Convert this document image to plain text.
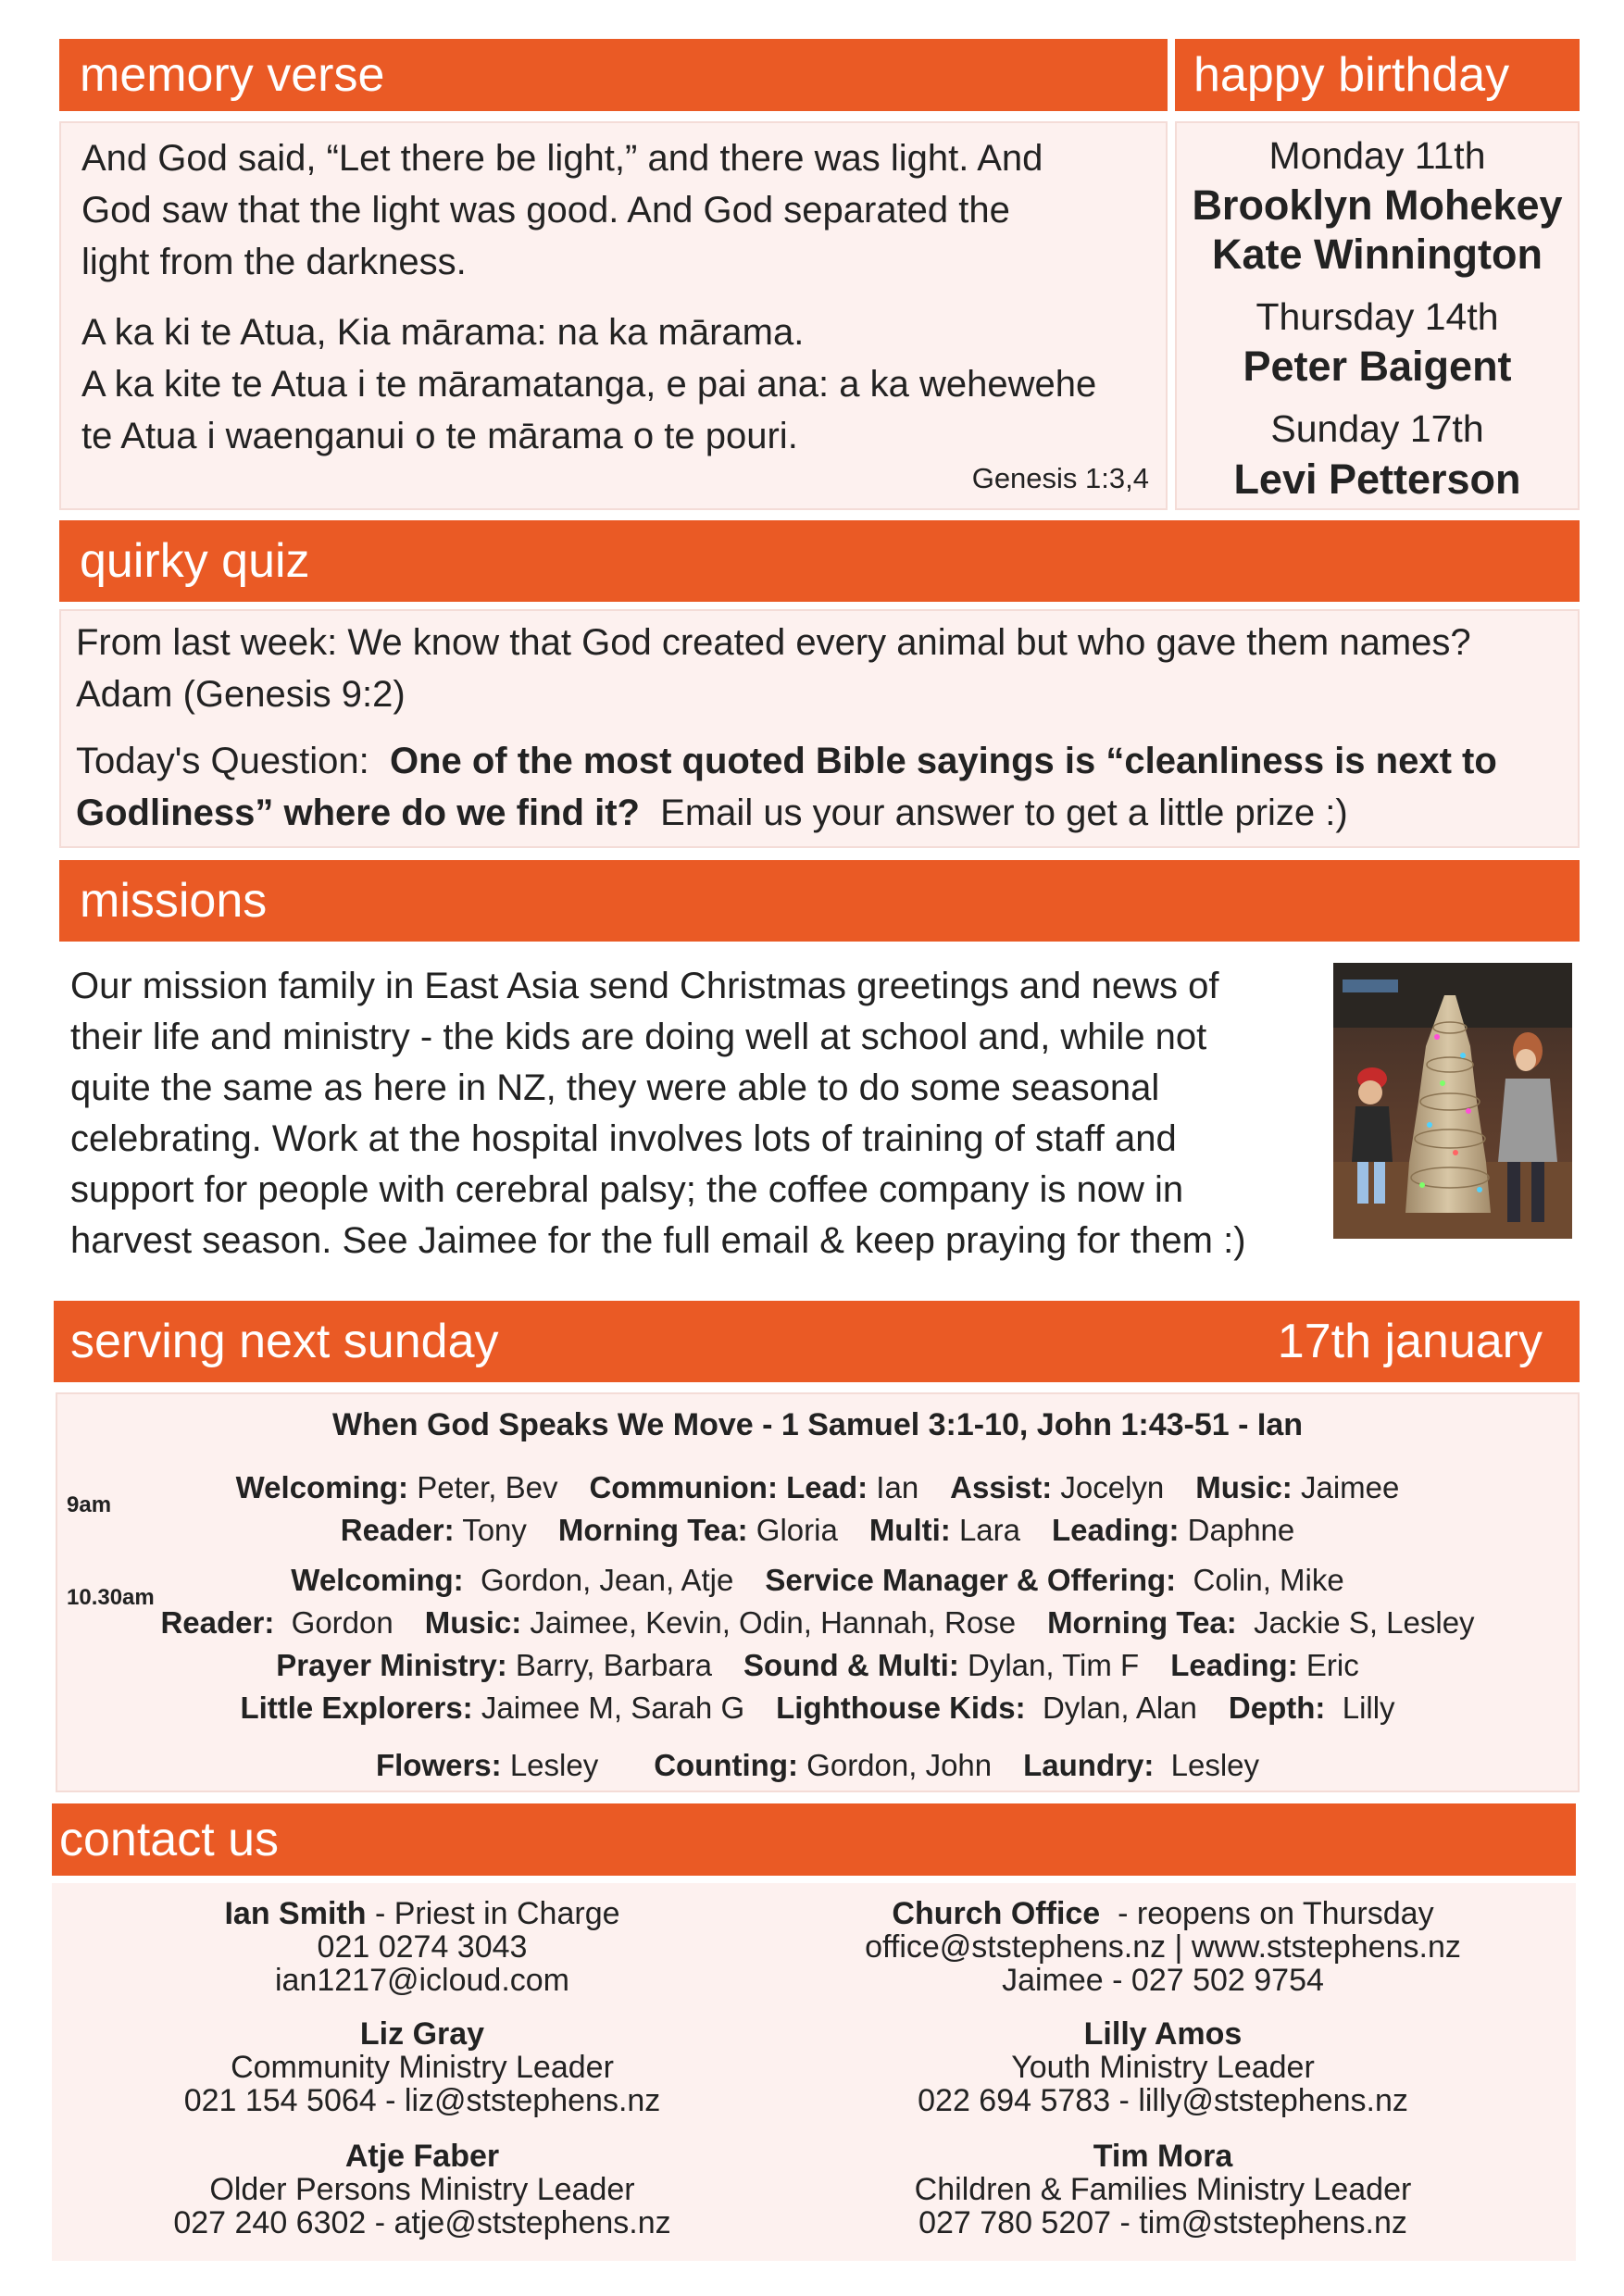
memory verse

And God said, “Let there be light,” and there was light. And
God saw that the light was good. And God separated the
light from the darkness.

A ka ki te Atua, Kia mārama: na ka mārama.

A ka kite te Atua i te māramatanga, e pai ana: a ka wehewehe
te Atua i waenganui o te mārama o te pouri.

Genesis 1:3,4
happy birthday
Monday 11th
Brooklyn Mohekey
Kate Winnington
Thursday 14th
Peter Baigent
Sunday 17th
Levi Petterson
quirky quiz
From last week: We know that God created every animal but who gave them names?
Adam (Genesis 9:2)
Today's Question:  One of the most quoted Bible sayings is “cleanliness is next to
Godliness” where do we find it?  Email us your answer to get a little prize :)
missions

Our mission family in East Asia send Christmas greetings and news of
their life and ministry - the kids are doing well at school and, while not
quite the same as here in NZ, they were able to do some seasonal
celebrating. Work at the hospital involves lots of training of staff and
support for people with cerebral palsy; the coffee company is now in
harvest season. See Jaimee for the full email & keep praying for them :)

serving next sunday	17th january
When God Speaks We Move - 1 Samuel 3:1-10, John 1:43-51 - Ian
9am
Welcoming: Peter, Bev Communion: Lead: Ian Assist: Jocelyn Music: Jaimee
Reader: Tony Morning Tea: Gloria Multi: Lara Leading: Daphne
10.30am
Welcoming:  Gordon, Jean, Atje Service Manager & Offering:  Colin, Mike
Reader:  Gordon Music: Jaimee, Kevin, Odin, Hannah, Rose Morning Tea:  Jackie S, Lesley
Prayer Ministry: Barry, Barbara Sound & Multi: Dylan, Tim F Leading: Eric
Little Explorers: Jaimee M, Sarah G Lighthouse Kids:  Dylan, Alan Depth:  Lilly
Flowers: Lesley Counting: Gordon, John Laundry:  Lesley
contact us
Ian Smith - Priest in Charge
021 0274 3043
ian1217@icloud.com
Church Office  - reopens on Thursday
office@ststephens.nz | www.ststephens.nz
Jaimee - 027 502 9754
Liz Gray
Community Ministry Leader
021 154 5064 - liz@ststephens.nz
Lilly Amos
Youth Ministry Leader
022 694 5783 - lilly@ststephens.nz
Atje Faber
Older Persons Ministry Leader
027 240 6302 - atje@ststephens.nz
Tim Mora
Children & Families Ministry Leader
027 780 5207 - tim@ststephens.nz
